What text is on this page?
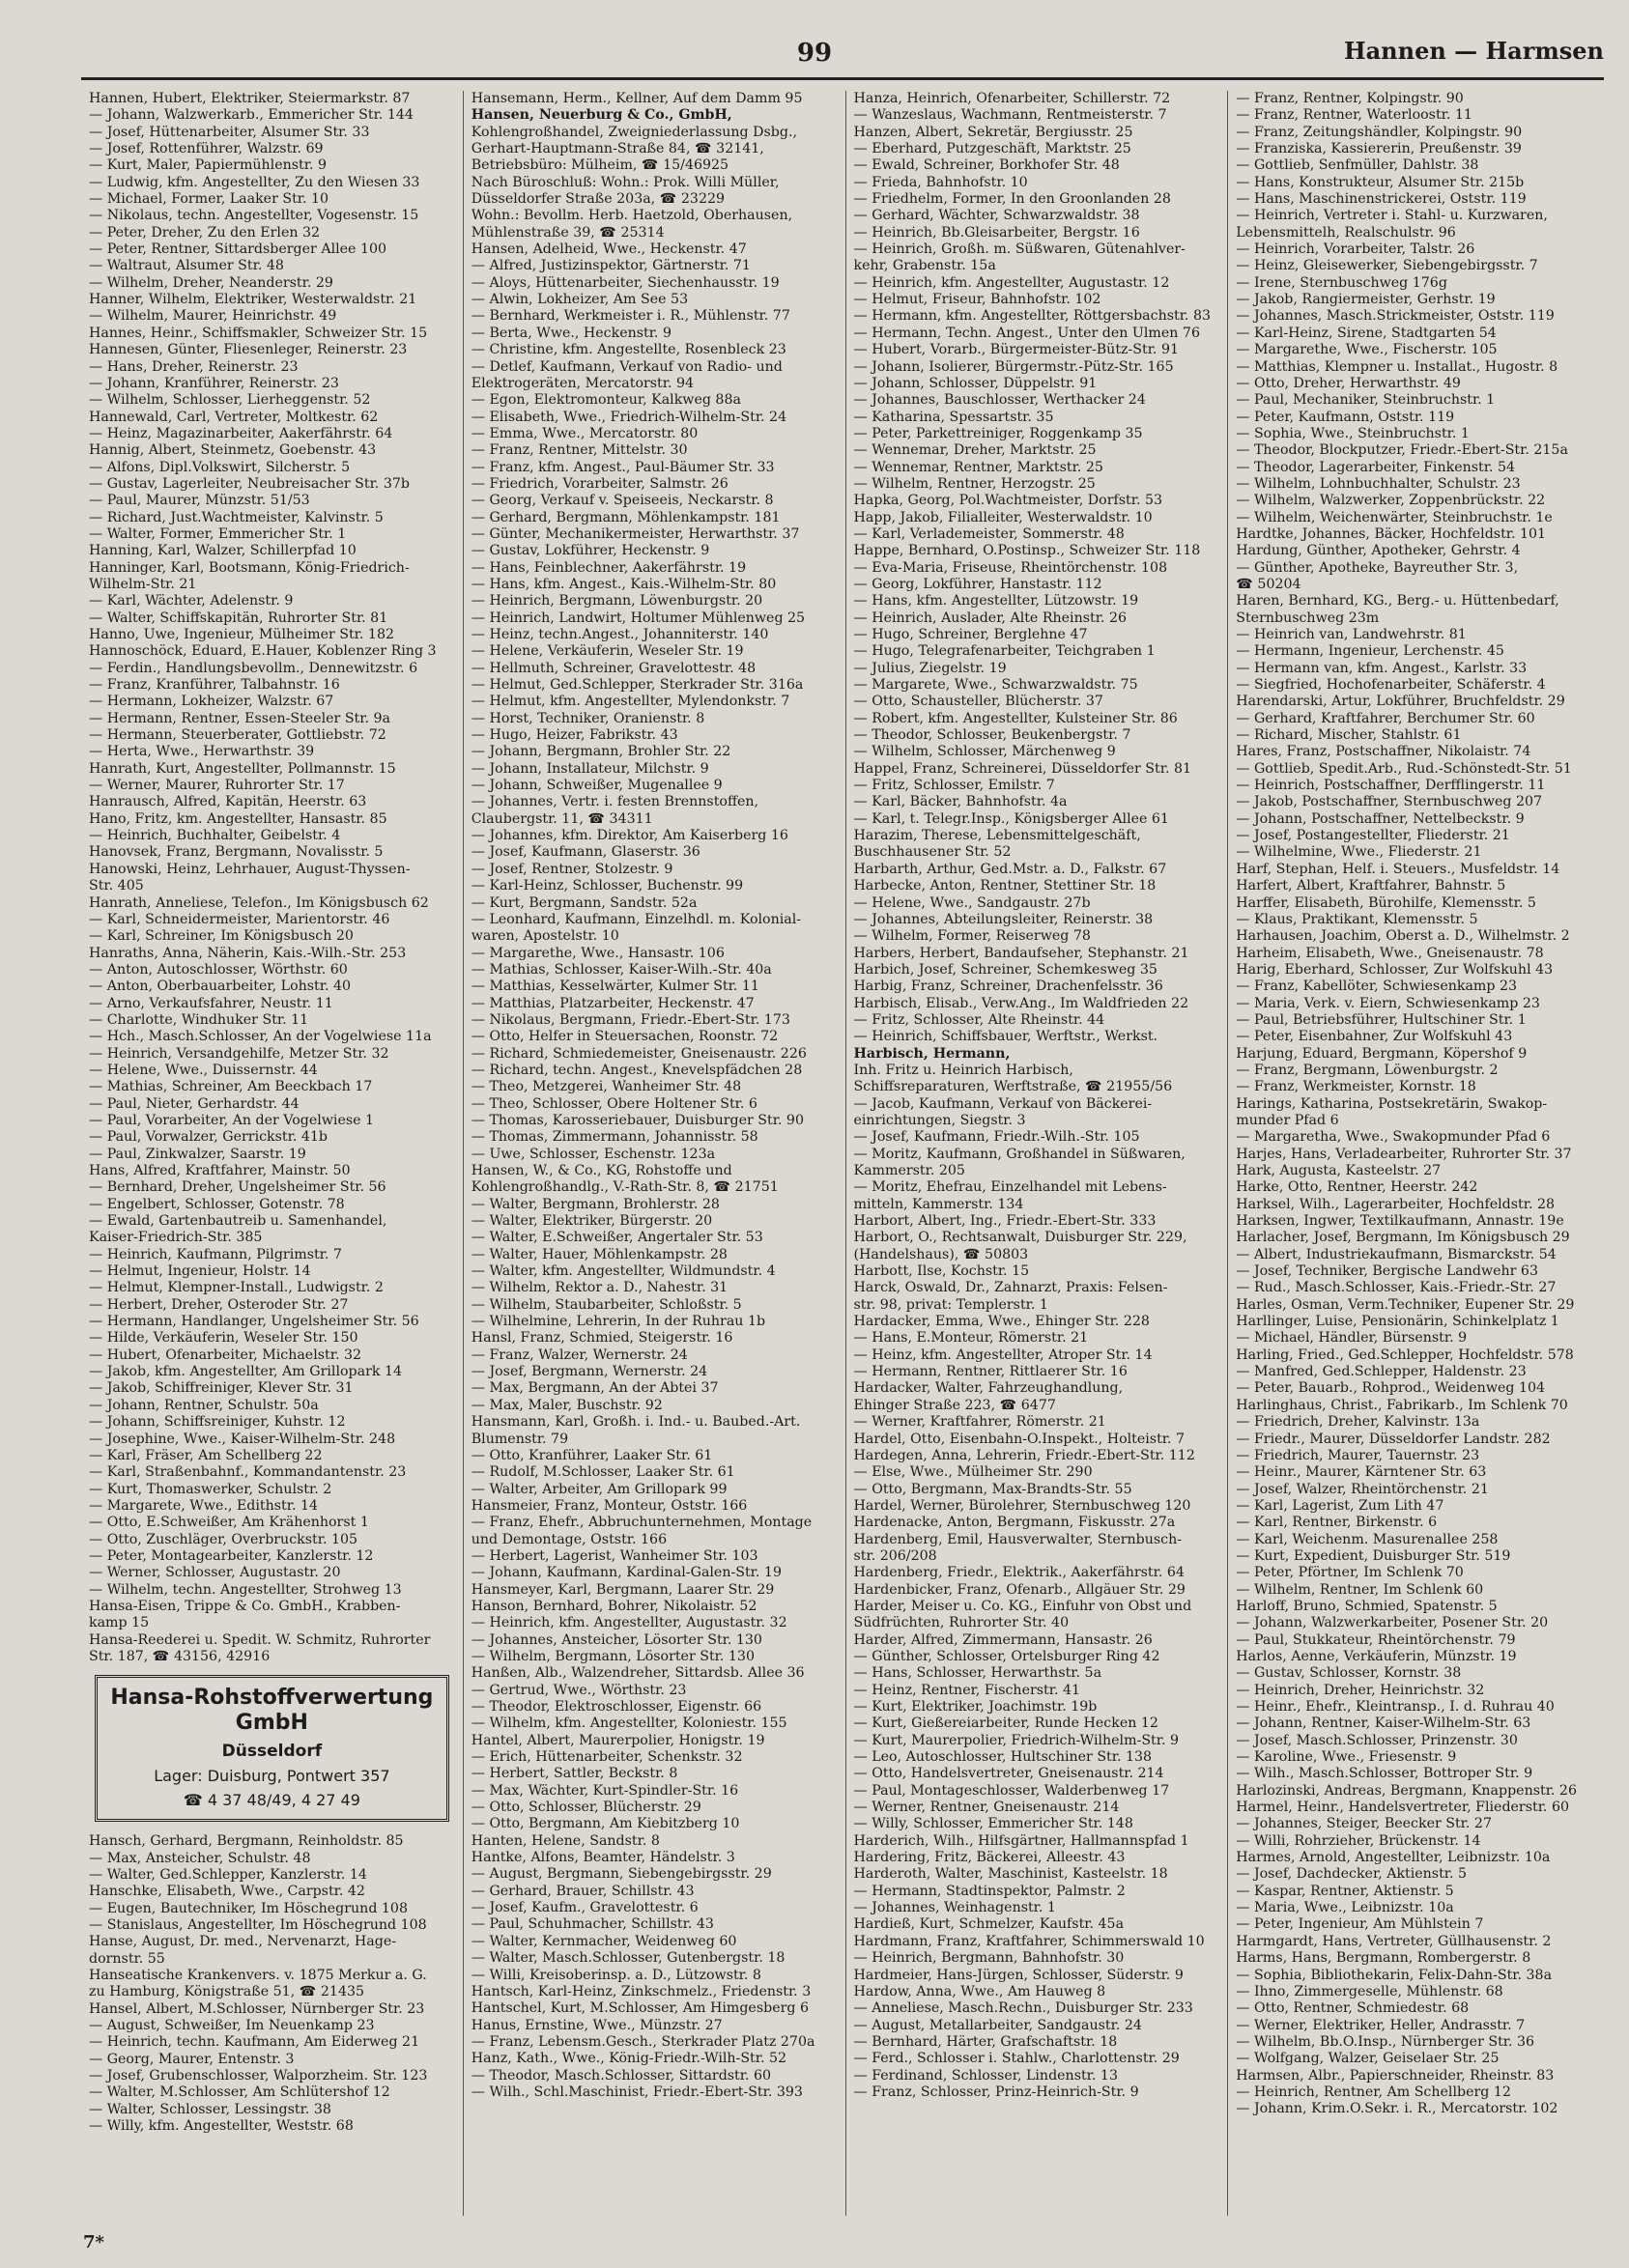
99	Hannen — Harmsen
Hannen, Hubert, Elektriker, Steiermarkstr. 87
— Johann, Walzwerkarb., Emmericher Str. 144
— Josef, Hüttenarbeiter, Alsumer Str. 33
— Josef, Rottenführer, Walzstr. 69
— Kurt, Maler, Papiermühlenstr. 9
— Ludwig, kfm. Angestellter, Zu den Wiesen 33
— Michael, Former, Laaker Str. 10
— Nikolaus, techn. Angestellter, Vogesenstr. 15
— Peter, Dreher, Zu den Erlen 32
— Peter, Rentner, Sittardsberger Allee 100
— Waltraut, Alsumer Str. 48
— Wilhelm, Dreher, Neanderstr. 29
Hanner, Wilhelm, Elektriker, Westerwaldstr. 21
— Wilhelm, Maurer, Heinrichstr. 49
Hannes, Heinr., Schiffsmakler, Schweizer Str. 15
Hannesen, Günter, Fliesenleger, Reinerstr. 23
— Hans, Dreher, Reinerstr. 23
— Johann, Kranführer, Reinerstr. 23
— Wilhelm, Schlosser, Lierheggenstr. 52
Hannewald, Carl, Vertreter, Moltkestr. 62
— Heinz, Magazinarbeiter, Aakerfährstr. 64
Hannig, Albert, Steinmetz, Goebenstr. 43
— Alfons, Dipl.Volkswirt, Silcherstr. 5
— Gustav, Lagerleiter, Neubreisacher Str. 37b
— Paul, Maurer, Münzstr. 51/53
— Richard, Just.Wachtmeister, Kalvinstr. 5
— Walter, Former, Emmericher Str. 1
Hanning, Karl, Walzer, Schillerpfad 10
Hanninger, Karl, Bootsmann, König-Friedrich-
Wilhelm-Str. 21
— Karl, Wächter, Adelenstr. 9
— Walter, Schiffskapitän, Ruhrorter Str. 81
Hanno, Uwe, Ingenieur, Mülheimer Str. 182
Hannoschöck, Eduard, E.Hauer, Koblenzer Ring 3
— Ferdin., Handlungsbevollm., Dennewitzstr. 6
— Franz, Kranführer, Talbahnstr. 16
— Hermann, Lokheizer, Walzstr. 67
— Hermann, Rentner, Essen-Steeler Str. 9a
— Hermann, Steuerberater, Gottliebstr. 72
— Herta, Wwe., Herwarthstr. 39
Hanrath, Kurt, Angestellter, Pollmannstr. 15
— Werner, Maurer, Ruhrorter Str. 17
Hanrausch, Alfred, Kapitän, Heerstr. 63
Hano, Fritz, km. Angestellter, Hansastr. 85
— Heinrich, Buchhalter, Geibelstr. 4
Hanovsek, Franz, Bergmann, Novalisstr. 5
Hanowski, Heinz, Lehrhauer, August-Thyssen-
Str. 405
Hanrath, Anneliese, Telefon., Im Königsbusch 62
— Karl, Schneidermeister, Marientorstr. 46
— Karl, Schreiner, Im Königsbusch 20
Hanraths, Anna, Näherin, Kais.-Wilh.-Str. 253
— Anton, Autoschlosser, Wörthstr. 60
— Anton, Oberbauarbeiter, Lohstr. 40
— Arno, Verkaufsfahrer, Neustr. 11
— Charlotte, Windhuker Str. 11
— Hch., Masch.Schlosser, An der Vogelwiese 11a
— Heinrich, Versandgehilfe, Metzer Str. 32
— Helene, Wwe., Duissernstr. 44
— Mathias, Schreiner, Am Beeckbach 17
— Paul, Nieter, Gerhardstr. 44
— Paul, Vorarbeiter, An der Vogelwiese 1
— Paul, Vorwalzer, Gerrickstr. 41b
— Paul, Zinkwalzer, Saarstr. 19
Hans, Alfred, Kraftfahrer, Mainstr. 50
— Bernhard, Dreher, Ungelsheimer Str. 56
— Engelbert, Schlosser, Gotenstr. 78
— Ewald, Gartenbautreib u. Samenhandel,
Kaiser-Friedrich-Str. 385
— Heinrich, Kaufmann, Pilgrimstr. 7
— Helmut, Ingenieur, Holstr. 14
— Helmut, Klempner-Install., Ludwigstr. 2
— Herbert, Dreher, Osteroder Str. 27
— Hermann, Handlanger, Ungelsheimer Str. 56
— Hilde, Verkäuferin, Weseler Str. 150
— Hubert, Ofenarbeiter, Michaelstr. 32
— Jakob, kfm. Angestellter, Am Grillopark 14
— Jakob, Schiffreiniger, Klever Str. 31
— Johann, Rentner, Schulstr. 50a
— Johann, Schiffsreiniger, Kuhstr. 12
— Josephine, Wwe., Kaiser-Wilhelm-Str. 248
— Karl, Fräser, Am Schellberg 22
— Karl, Straßenbahnf., Kommandantenstr. 23
— Kurt, Thomaswerker, Schulstr. 2
— Margarete, Wwe., Edithstr. 14
— Otto, E.Schweißer, Am Krähenhorst 1
— Otto, Zuschläger, Overbruckstr. 105
— Peter, Montagearbeiter, Kanzlerstr. 12
— Werner, Schlosser, Augustastr. 20
— Wilhelm, techn. Angestellter, Strohweg 13
Hansa-Eisen, Trippe & Co. GmbH., Krabben-
kamp 15
Hansa-Reederei u. Spedit. W. Schmitz, Ruhrorter
Str. 187, ☎ 43156, 42916
Hansa-Rohstoffverwertung GmbH
Düsseldorf
Lager: Duisburg, Pontwert 357
☎ 4 37 48/49, 4 27 49
Hansch, Gerhard, Bergmann, Reinholdstr. 85
— Max, Ansteicher, Schulstr. 48
— Walter, Ged.Schlepper, Kanzlerstr. 14
Hanschke, Elisabeth, Wwe., Carpstr. 42
— Eugen, Bautechniker, Im Höschegrund 108
— Stanislaus, Angestellter, Im Höschegrund 108
Hanse, August, Dr. med., Nervenarzt, Hage-
dornstr. 55
Hanseatische Krankenvers. v. 1875 Merkur a. G.
zu Hamburg, Königstraße 51, ☎ 21435
Hansel, Albert, M.Schlosser, Nürnberger Str. 23
— August, Schweißer, Im Neuenkamp 23
— Heinrich, techn. Kaufmann, Am Eiderweg 21
— Georg, Maurer, Entenstr. 3
— Josef, Grubenschlosser, Walporzheim. Str. 123
— Walter, M.Schlosser, Am Schlütershof 12
— Walter, Schlosser, Lessingstr. 38
— Willy, kfm. Angestellter, Weststr. 68
Hansemann, Herm., Kellner, Auf dem Damm 95
Hansen, Neuerburg & Co., GmbH,
Kohlengroßhandel, Zweigniederlassung Dsbg.,
Gerhart-Hauptmann-Straße 84, ☎ 32141,
Betriebsbüro: Mülheim, ☎ 15/46925
Nach Büroschluß: Wohn.: Prok. Willi Müller,
Düsseldorfer Straße 203a, ☎ 23229
Wohn.: Bevollm. Herb. Haetzold, Oberhausen,
Mühlenstraße 39, ☎ 25314
Hansen, Adelheid, Wwe., Heckenstr. 47
— Alfred, Justizinspektor, Gärtnerstr. 71
— Aloys, Hüttenarbeiter, Siechenhausstr. 19
— Alwin, Lokheizer, Am See 53
— Bernhard, Werkmeister i. R., Mühlenstr. 77
— Berta, Wwe., Heckenstr. 9
— Christine, kfm. Angestellte, Rosenbleck 23
— Detlef, Kaufmann, Verkauf von Radio- und
Elektrogeräten, Mercatorstr. 94
— Egon, Elektromonteur, Kalkweg 88a
— Elisabeth, Wwe., Friedrich-Wilhelm-Str. 24
— Emma, Wwe., Mercatorstr. 80
— Franz, Rentner, Mittelstr. 30
— Franz, kfm. Angest., Paul-Bäumer Str. 33
— Friedrich, Vorarbeiter, Salmstr. 26
— Georg, Verkauf v. Speiseeis, Neckarstr. 8
— Gerhard, Bergmann, Möhlenkampstr. 181
— Günter, Mechanikermeister, Herwarthstr. 37
— Gustav, Lokführer, Heckenstr. 9
— Hans, Feinblechner, Aakerfährstr. 19
— Hans, kfm. Angest., Kais.-Wilhelm-Str. 80
— Heinrich, Bergmann, Löwenburgstr. 20
— Heinrich, Landwirt, Holtumer Mühlenweg 25
— Heinz, techn.Angest., Johanniterstr. 140
— Helene, Verkäuferin, Weseler Str. 19
— Hellmuth, Schreiner, Gravelottestr. 48
— Helmut, Ged.Schlepper, Sterkrader Str. 316a
— Helmut, kfm. Angestellter, Mylendonkstr. 7
— Horst, Techniker, Oranienstr. 8
— Hugo, Heizer, Fabrikstr. 43
— Johann, Bergmann, Brohler Str. 22
— Johann, Installateur, Milchstr. 9
— Johann, Schweißer, Mugenallee 9
— Johannes, Vertr. i. festen Brennstoffen,
Claubergstr. 11, ☎ 34311
— Johannes, kfm. Direktor, Am Kaiserberg 16
— Josef, Kaufmann, Glaserstr. 36
— Josef, Rentner, Stolzestr. 9
— Karl-Heinz, Schlosser, Buchenstr. 99
— Kurt, Bergmann, Sandstr. 52a
— Leonhard, Kaufmann, Einzelhdl. m. Kolonial-
waren, Apostelstr. 10
— Margarethe, Wwe., Hansastr. 106
— Mathias, Schlosser, Kaiser-Wilh.-Str. 40a
— Matthias, Kesselwärter, Kulmer Str. 11
— Matthias, Platzarbeiter, Heckenstr. 47
— Nikolaus, Bergmann, Friedr.-Ebert-Str. 173
— Otto, Helfer in Steuersachen, Roonstr. 72
— Richard, Schmiedemeister, Gneisenaustr. 226
— Richard, techn. Angest., Knevelspfädchen 28
— Theo, Metzgerei, Wanheimer Str. 48
— Theo, Schlosser, Obere Holtener Str. 6
— Thomas, Karosseriebauer, Duisburger Str. 90
— Thomas, Zimmermann, Johannisstr. 58
— Uwe, Schlosser, Eschenstr. 123a
Hansen, W., & Co., KG, Rohstoffe und
Kohlengroßhandlg., V.-Rath-Str. 8, ☎ 21751
— Walter, Bergmann, Brohlerstr. 28
— Walter, Elektriker, Bürgerstr. 20
— Walter, E.Schweißer, Angertaler Str. 53
— Walter, Hauer, Möhlenkampstr. 28
— Walter, kfm. Angestellter, Wildmundstr. 4
— Wilhelm, Rektor a. D., Nahestr. 31
— Wilhelm, Staubarbeiter, Schloßstr. 5
— Wilhelmine, Lehrerin, In der Ruhrau 1b
Hansl, Franz, Schmied, Steigerstr. 16
— Franz, Walzer, Wernerstr. 24
— Josef, Bergmann, Wernerstr. 24
— Max, Bergmann, An der Abtei 37
— Max, Maler, Buschstr. 92
Hansmann, Karl, Großh. i. Ind.- u. Baubed.-Art.
Blumenstr. 79
— Otto, Kranführer, Laaker Str. 61
— Rudolf, M.Schlosser, Laaker Str. 61
— Walter, Arbeiter, Am Grillopark 99
Hansmeier, Franz, Monteur, Oststr. 166
— Franz, Ehefr., Abbruchunternehmen, Montage
und Demontage, Oststr. 166
— Herbert, Lagerist, Wanheimer Str. 103
— Johann, Kaufmann, Kardinal-Galen-Str. 19
Hansmeyer, Karl, Bergmann, Laarer Str. 29
Hanson, Bernhard, Bohrer, Nikolaistr. 52
— Heinrich, kfm. Angestellter, Augustastr. 32
— Johannes, Ansteicher, Lösorter Str. 130
— Wilhelm, Bergmann, Lösorter Str. 130
Hanßen, Alb., Walzendreher, Sittardsb. Allee 36
— Gertrud, Wwe., Wörthstr. 23
— Theodor, Elektroschlosser, Eigenstr. 66
— Wilhelm, kfm. Angestellter, Koloniestr. 155
Hantel, Albert, Maurerpolier, Honigstr. 19
— Erich, Hüttenarbeiter, Schenkstr. 32
— Herbert, Sattler, Beckstr. 8
— Max, Wächter, Kurt-Spindler-Str. 16
— Otto, Schlosser, Blücherstr. 29
— Otto, Bergmann, Am Kiebitzberg 10
Hanten, Helene, Sandstr. 8
Hantke, Alfons, Beamter, Händelstr. 3
— August, Bergmann, Siebengebirgsstr. 29
— Gerhard, Brauer, Schillstr. 43
— Josef, Kaufm., Gravelottestr. 6
— Paul, Schuhmacher, Schillstr. 43
— Walter, Kernmacher, Weidenweg 60
— Walter, Masch.Schlosser, Gutenbergstr. 18
— Willi, Kreisoberinsp. a. D., Lützowstr. 8
Hantsch, Karl-Heinz, Zinkschmelz., Friedenstr. 3
Hantschel, Kurt, M.Schlosser, Am Himgesberg 6
Hanus, Ernstine, Wwe., Münzstr. 27
— Franz, Lebensm.Gesch., Sterkrader Platz 270a
Hanz, Kath., Wwe., König-Friedr.-Wilh-Str. 52
— Theodor, Masch.Schlosser, Sittardstr. 60
— Wilh., Schl.Maschinist, Friedr.-Ebert-Str. 393
Hanza, Heinrich, Ofenarbeiter, Schillerstr. 72
— Wanzeslaus, Wachmann, Rentmeisterstr. 7
Hanzen, Albert, Sekretär, Bergiusstr. 25
— Eberhard, Putzgeschäft, Marktstr. 25
— Ewald, Schreiner, Borkhofer Str. 48
— Frieda, Bahnhofstr. 10
— Friedhelm, Former, In den Groonlanden 28
— Gerhard, Wächter, Schwarzwaldstr. 38
— Heinrich, Bb.Gleisarbeiter, Bergstr. 16
— Heinrich, Großh. m. Süßwaren, Gütenahlver-
kehr, Grabenstr. 15a
— Heinrich, kfm. Angestellter, Augustastr. 12
— Helmut, Friseur, Bahnhofstr. 102
— Hermann, kfm. Angestellter, Röttgersbachstr. 83
— Hermann, Techn. Angest., Unter den Ulmen 76
— Hubert, Vorarb., Bürgermeister-Bütz-Str. 91
— Johann, Isolierer, Bürgermstr.-Pütz-Str. 165
— Johann, Schlosser, Düppelstr. 91
— Johannes, Bauschlosser, Werthacker 24
— Katharina, Spessartstr. 35
— Peter, Parkettreiniger, Roggenkamp 35
— Wennemar, Dreher, Marktstr. 25
— Wennemar, Rentner, Marktstr. 25
— Wilhelm, Rentner, Herzogstr. 25
Hapka, Georg, Pol.Wachtmeister, Dorfstr. 53
Happ, Jakob, Filialleiter, Westerwaldstr. 10
— Karl, Verlademeister, Sommerstr. 48
Happe, Bernhard, O.Postinsp., Schweizer Str. 118
— Eva-Maria, Friseuse, Rheintörchenstr. 108
— Georg, Lokführer, Hanstastr. 112
— Hans, kfm. Angestellter, Lützowstr. 19
— Heinrich, Auslader, Alte Rheinstr. 26
— Hugo, Schreiner, Berglehne 47
— Hugo, Telegrafenarbeiter, Teichgraben 1
— Julius, Ziegelstr. 19
— Margarete, Wwe., Schwarzwaldstr. 75
— Otto, Schausteller, Blücherstr. 37
— Robert, kfm. Angestellter, Kulsteiner Str. 86
— Theodor, Schlosser, Beukenbergstr. 7
— Wilhelm, Schlosser, Märchenweg 9
Happel, Franz, Schreinerei, Düsseldorfer Str. 81
— Fritz, Schlosser, Emilstr. 7
— Karl, Bäcker, Bahnhofstr. 4a
— Karl, t. Telegr.Insp., Königsberger Allee 61
Harazim, Therese, Lebensmittelgeschäft,
Buschhausener Str. 52
Harbarth, Arthur, Ged.Mstr. a. D., Falkstr. 67
Harbecke, Anton, Rentner, Stettiner Str. 18
— Helene, Wwe., Sandgaustr. 27b
— Johannes, Abteilungsleiter, Reinerstr. 38
— Wilhelm, Former, Reiserweg 78
Harbers, Herbert, Bandaufseher, Stephanstr. 21
Harbich, Josef, Schreiner, Schemkesweg 35
Harbig, Franz, Schreiner, Drachenfelsstr. 36
Harbisch, Elisab., Verw.Ang., Im Waldfrieden 22
— Fritz, Schlosser, Alte Rheinstr. 44
— Heinrich, Schiffsbauer, Werftstr., Werkst.
Harbisch, Hermann,
Inh. Fritz u. Heinrich Harbisch,
Schiffsreparaturen, Werftstraße, ☎ 21955/56
— Jacob, Kaufmann, Verkauf von Bäckerei-
einrichtungen, Siegstr. 3
— Josef, Kaufmann, Friedr.-Wilh.-Str. 105
— Moritz, Kaufmann, Großhandel in Süßwaren,
Kammerstr. 205
— Moritz, Ehefrau, Einzelhandel mit Lebens-
mitteln, Kammerstr. 134
Harbort, Albert, Ing., Friedr.-Ebert-Str. 333
Harbort, O., Rechtsanwalt, Duisburger Str. 229,
(Handelshaus), ☎ 50803
Harbott, Ilse, Kochstr. 15
Harck, Oswald, Dr., Zahnarzt, Praxis: Felsen-
str. 98, privat: Templerstr. 1
Hardacker, Emma, Wwe., Ehinger Str. 228
— Hans, E.Monteur, Römerstr. 21
— Heinz, kfm. Angestellter, Atroper Str. 14
— Hermann, Rentner, Rittlaerer Str. 16
Hardacker, Walter, Fahrzeughandlung,
Ehinger Straße 223, ☎ 6477
— Werner, Kraftfahrer, Römerstr. 21
Hardel, Otto, Eisenbahn-O.Inspekt., Holteistr. 7
Hardegen, Anna, Lehrerin, Friedr.-Ebert-Str. 112
— Else, Wwe., Mülheimer Str. 290
— Otto, Bergmann, Max-Brandts-Str. 55
Hardel, Werner, Bürolehrer, Sternbuschweg 120
Hardenacke, Anton, Bergmann, Fiskusstr. 27a
Hardenberg, Emil, Hausverwalter, Sternbusch-
str. 206/208
Hardenberg, Friedr., Elektrik., Aakerfährstr. 64
Hardenbicker, Franz, Ofenarb., Allgäuer Str. 29
Harder, Meiser u. Co. KG., Einfuhr von Obst und
Südfrüchten, Ruhrorter Str. 40
Harder, Alfred, Zimmermann, Hansastr. 26
— Günther, Schlosser, Ortelsburger Ring 42
— Hans, Schlosser, Herwarthstr. 5a
— Heinz, Rentner, Fischerstr. 41
— Kurt, Elektriker, Joachimstr. 19b
— Kurt, Gießereiarbeiter, Runde Hecken 12
— Kurt, Maurerpolier, Friedrich-Wilhelm-Str. 9
— Leo, Autoschlosser, Hultschiner Str. 138
— Otto, Handelsvertreter, Gneisenaustr. 214
— Paul, Montageschlosser, Walderbenweg 17
— Werner, Rentner, Gneisenaustr. 214
— Willy, Schlosser, Emmericher Str. 148
Harderich, Wilh., Hilfsgärtner, Hallmannspfad 1
Hardering, Fritz, Bäckerei, Alleestr. 43
Harderoth, Walter, Maschinist, Kasteelstr. 18
— Hermann, Stadtinspektor, Palmstr. 2
— Johannes, Weinhagenstr. 1
Hardieß, Kurt, Schmelzer, Kaufstr. 45a
Hardmann, Franz, Kraftfahrer, Schimmerswald 10
— Heinrich, Bergmann, Bahnhofstr. 30
Hardmeier, Hans-Jürgen, Schlosser, Süderstr. 9
Hardow, Anna, Wwe., Am Hauweg 8
— Anneliese, Masch.Rechn., Duisburger Str. 233
— August, Metallarbeiter, Sandgaustr. 24
— Bernhard, Härter, Grafschaftstr. 18
— Ferd., Schlosser i. Stahlw., Charlottenstr. 29
— Ferdinand, Schlosser, Lindenstr. 13
— Franz, Schlosser, Prinz-Heinrich-Str. 9
— Franz, Rentner, Kolpingstr. 90
— Franz, Rentner, Waterloostr. 11
— Franz, Zeitungshändler, Kolpingstr. 90
— Franziska, Kassiererin, Preußenstr. 39
— Gottlieb, Senfmüller, Dahlstr. 38
— Hans, Konstrukteur, Alsumer Str. 215b
— Hans, Maschinenstrickerei, Oststr. 119
— Heinrich, Vertreter i. Stahl- u. Kurzwaren,
Lebensmittelh, Realschulstr. 96
— Heinrich, Vorarbeiter, Talstr. 26
— Heinz, Gleisewerker, Siebengebirgsstr. 7
— Irene, Sternbuschweg 176g
— Jakob, Rangiermeister, Gerhstr. 19
— Johannes, Masch.Strickmeister, Oststr. 119
— Karl-Heinz, Sirene, Stadtgarten 54
— Margarethe, Wwe., Fischerstr. 105
— Matthias, Klempner u. Installat., Hugostr. 8
— Otto, Dreher, Herwarthstr. 49
— Paul, Mechaniker, Steinbruchstr. 1
— Peter, Kaufmann, Oststr. 119
— Sophia, Wwe., Steinbruchstr. 1
— Theodor, Blockputzer, Friedr.-Ebert-Str. 215a
— Theodor, Lagerarbeiter, Finkenstr. 54
— Wilhelm, Lohnbuchhalter, Schulstr. 23
— Wilhelm, Walzwerker, Zoppenbrückstr. 22
— Wilhelm, Weichenwärter, Steinbruchstr. 1e
Hardtke, Johannes, Bäcker, Hochfeldstr. 101
Hardung, Günther, Apotheker, Gehrstr. 4
— Günther, Apotheke, Bayreuther Str. 3,
☎ 50204
Haren, Bernhard, KG., Berg.- u. Hüttenbedarf,
Sternbuschweg 23m
— Heinrich van, Landwehrstr. 81
— Hermann, Ingenieur, Lerchenstr. 45
— Hermann van, kfm. Angest., Karlstr. 33
— Siegfried, Hochofenarbeiter, Schäferstr. 4
Harendarski, Artur, Lokführer, Bruchfeldstr. 29
— Gerhard, Kraftfahrer, Berchumer Str. 60
— Richard, Mischer, Stahlstr. 61
Hares, Franz, Postschaffner, Nikolaistr. 74
— Gottlieb, Spedit.Arb., Rud.-Schönstedt-Str. 51
— Heinrich, Postschaffner, Derfflingerstr. 11
— Jakob, Postschaffner, Sternbuschweg 207
— Johann, Postschaffner, Nettelbeckstr. 9
— Josef, Postangestellter, Fliederstr. 21
— Wilhelmine, Wwe., Fliederstr. 21
Harf, Stephan, Helf. i. Steuers., Musfeldstr. 14
Harfert, Albert, Kraftfahrer, Bahnstr. 5
Harffer, Elisabeth, Bürohilfe, Klemensstr. 5
— Klaus, Praktikant, Klemensstr. 5
Harhausen, Joachim, Oberst a. D., Wilhelmstr. 2
Harheim, Elisabeth, Wwe., Gneisenaustr. 78
Harig, Eberhard, Schlosser, Zur Wolfskuhl 43
— Franz, Kabellöter, Schwiesenkamp 23
— Maria, Verk. v. Eiern, Schwiesenkamp 23
— Paul, Betriebsführer, Hultschiner Str. 1
— Peter, Eisenbahner, Zur Wolfskuhl 43
Harjung, Eduard, Bergmann, Köpershof 9
— Franz, Bergmann, Löwenburgstr. 2
— Franz, Werkmeister, Kornstr. 18
Harings, Katharina, Postsekretärin, Swakop-
munder Pfad 6
— Margaretha, Wwe., Swakopmunder Pfad 6
Harjes, Hans, Verladearbeiter, Ruhrorter Str. 37
Hark, Augusta, Kasteelstr. 27
Harke, Otto, Rentner, Heerstr. 242
Harksel, Wilh., Lagerarbeiter, Hochfeldstr. 28
Harksen, Ingwer, Textilkaufmann, Annastr. 19e
Harlacher, Josef, Bergmann, Im Königsbusch 29
— Albert, Industriekaufmann, Bismarckstr. 54
— Josef, Techniker, Bergische Landwehr 63
— Rud., Masch.Schlosser, Kais.-Friedr.-Str. 27
Harles, Osman, Verm.Techniker, Eupener Str. 29
Harllinger, Luise, Pensionärin, Schinkelplatz 1
— Michael, Händler, Bürsenstr. 9
Harling, Fried., Ged.Schlepper, Hochfeldstr. 578
— Manfred, Ged.Schlepper, Haldenstr. 23
— Peter, Bauarb., Rohprod., Weidenweg 104
Harlinghaus, Christ., Fabrikarb., Im Schlenk 70
— Friedrich, Dreher, Kalvinstr. 13a
— Friedr., Maurer, Düsseldorfer Landstr. 282
— Friedrich, Maurer, Tauernstr. 23
— Heinr., Maurer, Kärntener Str. 63
— Josef, Walzer, Rheintörchenstr. 21
— Karl, Lagerist, Zum Lith 47
— Karl, Rentner, Birkenstr. 6
— Karl, Weichenm. Masurenallee 258
— Kurt, Expedient, Duisburger Str. 519
— Peter, Pförtner, Im Schlenk 70
— Wilhelm, Rentner, Im Schlenk 60
Harloff, Bruno, Schmied, Spatenstr. 5
— Johann, Walzwerkarbeiter, Posener Str. 20
— Paul, Stukkateur, Rheintörchenstr. 79
Harlos, Aenne, Verkäuferin, Münzstr. 19
— Gustav, Schlosser, Kornstr. 38
— Heinrich, Dreher, Heinrichstr. 32
— Heinr., Ehefr., Kleintransp., I. d. Ruhrau 40
— Johann, Rentner, Kaiser-Wilhelm-Str. 63
— Josef, Masch.Schlosser, Prinzenstr. 30
— Karoline, Wwe., Friesenstr. 9
— Wilh., Masch.Schlosser, Bottroper Str. 9
Harlozinski, Andreas, Bergmann, Knappenstr. 26
Harmel, Heinr., Handelsvertreter, Fliederstr. 60
— Johannes, Steiger, Beecker Str. 27
— Willi, Rohrzieher, Brückenstr. 14
Harmes, Arnold, Angestellter, Leibnizstr. 10a
— Josef, Dachdecker, Aktienstr. 5
— Kaspar, Rentner, Aktienstr. 5
— Maria, Wwe., Leibnizstr. 10a
— Peter, Ingenieur, Am Mühlstein 7
Harmgardt, Hans, Vertreter, Güllhausenstr. 2
Harms, Hans, Bergmann, Rombergerstr. 8
— Sophia, Bibliothekarin, Felix-Dahn-Str. 38a
— Ihno, Zimmergeselle, Mühlenstr. 68
— Otto, Rentner, Schmiedestr. 68
— Werner, Elektriker, Heller, Andrasstr. 7
— Wilhelm, Bb.O.Insp., Nürnberger Str. 36
— Wolfgang, Walzer, Geiselaer Str. 25
Harmsen, Albr., Papierschneider, Rheinstr. 83
— Heinrich, Rentner, Am Schellberg 12
— Johann, Krim.O.Sekr. i. R., Mercatorstr. 102
7*
